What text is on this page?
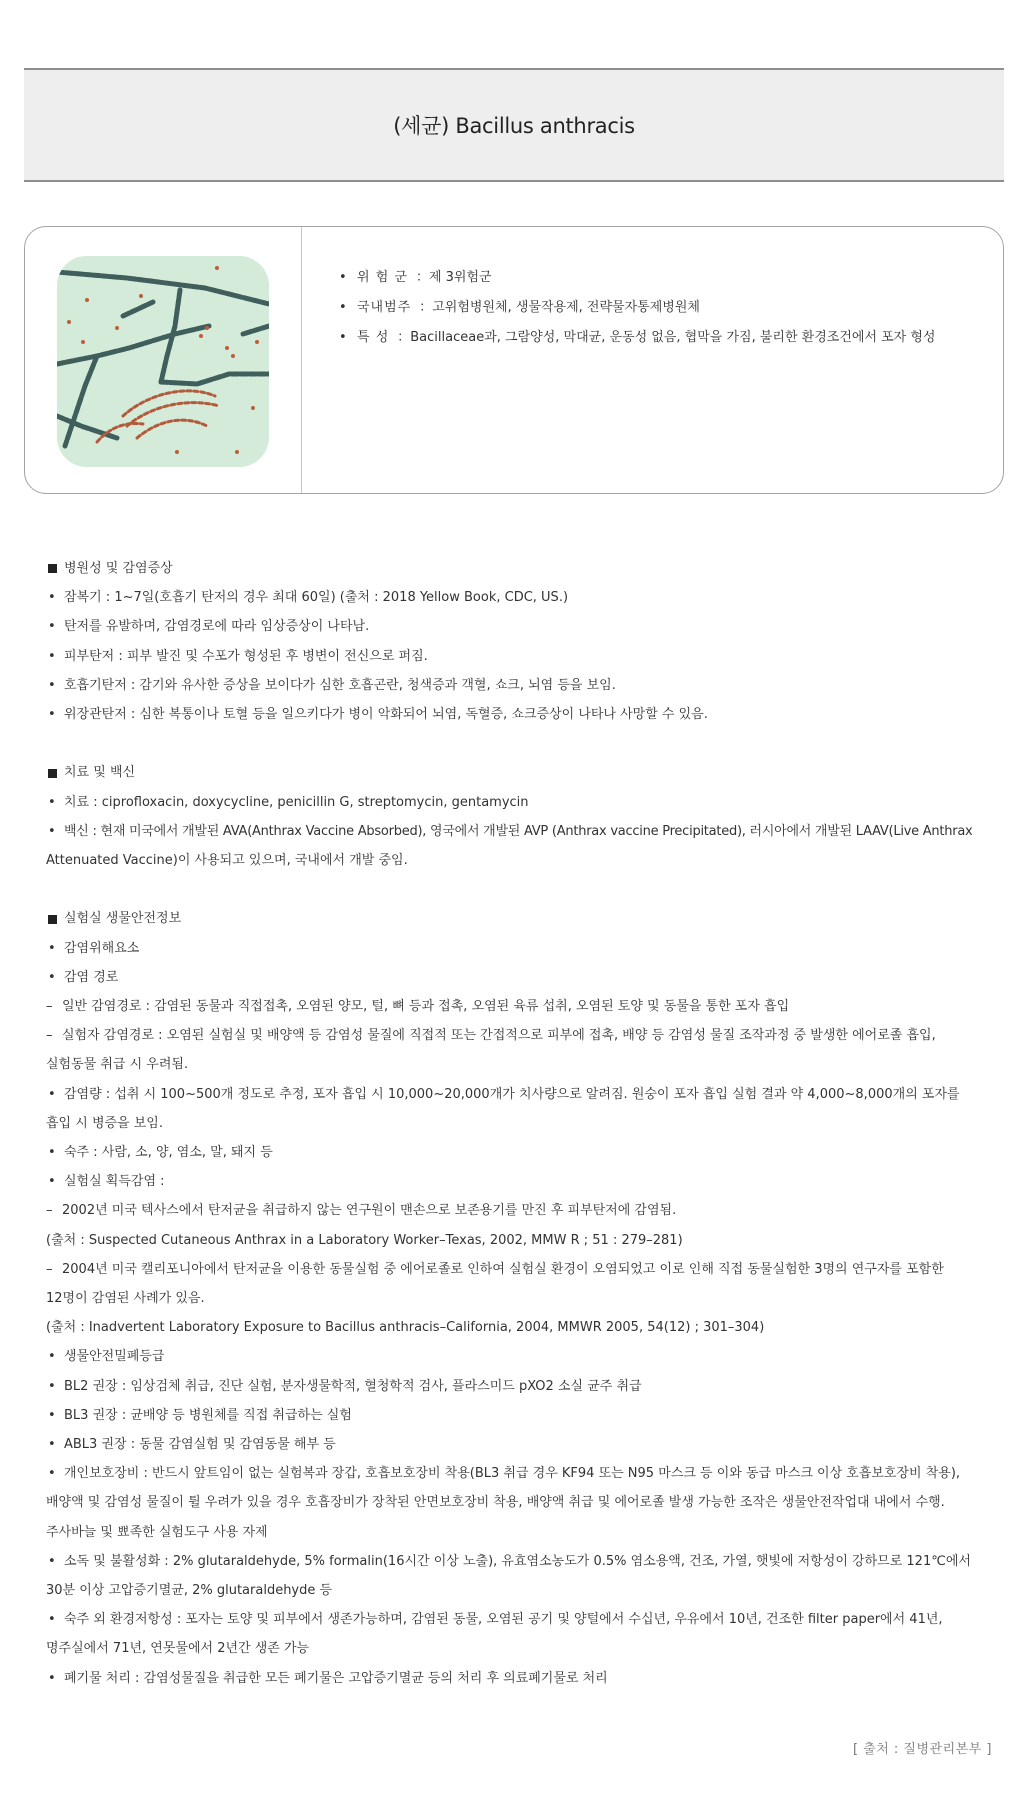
(세균) Bacillus anthracis
• 위 험 군 ：제 3위험군
• 국내범주 ：고위험병원체, 생물작용제, 전략물자통제병원체
• 특 성 ：Bacillaceae과, 그람양성, 막대균, 운동성 없음, 협막을 가짐, 불리한 환경조건에서 포자 형성
병원성 및 감염증상
• 잠복기 : 1~7일(호흡기 탄저의 경우 최대 60일) (출처 : 2018 Yellow Book, CDC, US.)
• 탄저를 유발하며, 감염경로에 따라 임상증상이 나타남.
• 피부탄저 : 피부 발진 및 수포가 형성된 후 병변이 전신으로 퍼짐.
• 호흡기탄저 : 감기와 유사한 증상을 보이다가 심한 호흡곤란, 청색증과 객혈, 쇼크, 뇌염 등을 보임.
• 위장관탄저 : 심한 복통이나 토혈 등을 일으키다가 병이 악화되어 뇌염, 독혈증, 쇼크증상이 나타나 사망할 수 있음.
치료 및 백신
• 치료 : ciprofloxacin, doxycycline, penicillin G, streptomycin, gentamycin
• 백신 : 현재 미국에서 개발된 AVA(Anthrax Vaccine Absorbed), 영국에서 개발된 AVP (Anthrax vaccine Precipitated), 러시아에서 개발된 LAAV(Live Anthrax
Attenuated Vaccine)이 사용되고 있으며, 국내에서 개발 중임.
실험실 생물안전정보
• 감염위해요소
• 감염 경로
– 일반 감염경로 : 감염된 동물과 직접접촉, 오염된 양모, 털, 뼈 등과 접촉, 오염된 육류 섭취, 오염된 토양 및 동물을 통한 포자 흡입
– 실험자 감염경로 : 오염된 실험실 및 배양액 등 감염성 물질에 직접적 또는 간접적으로 피부에 접촉, 배양 등 감염성 물질 조작과정 중 발생한 에어로졸 흡입,
실험동물 취급 시 우려됨.
• 감염량 : 섭취 시 100~500개 정도로 추정, 포자 흡입 시 10,000~20,000개가 치사량으로 알려짐. 원숭이 포자 흡입 실험 결과 약 4,000~8,000개의 포자를
흡입 시 병증을 보임.
• 숙주 : 사람, 소, 양, 염소, 말, 돼지 등
• 실험실 획득감염 :
– 2002년 미국 텍사스에서 탄저균을 취급하지 않는 연구원이 맨손으로 보존용기를 만진 후 피부탄저에 감염됨.
(출처 : Suspected Cutaneous Anthrax in a Laboratory Worker–Texas, 2002, MMW R ; 51 : 279–281)
– 2004년 미국 캘리포니아에서 탄저균을 이용한 동물실험 중 에어로졸로 인하여 실험실 환경이 오염되었고 이로 인해 직접 동물실험한 3명의 연구자를 포함한
12명이 감염된 사례가 있음.
(출처 : Inadvertent Laboratory Exposure to Bacillus anthracis–California, 2004, MMWR 2005, 54(12) ; 301–304)
• 생물안전밀폐등급
• BL2 권장 : 임상검체 취급, 진단 실험, 분자생물학적, 혈청학적 검사, 플라스미드 pXO2 소실 균주 취급
• BL3 권장 : 균배양 등 병원체를 직접 취급하는 실험
• ABL3 권장 : 동물 감염실험 및 감염동물 해부 등
• 개인보호장비 : 반드시 앞트임이 없는 실험복과 장갑, 호흡보호장비 착용(BL3 취급 경우 KF94 또는 N95 마스크 등 이와 동급 마스크 이상 호흡보호장비 착용),
배양액 및 감염성 물질이 튈 우려가 있을 경우 호흡장비가 장착된 안면보호장비 착용, 배양액 취급 및 에어로졸 발생 가능한 조작은 생물안전작업대 내에서 수행.
주사바늘 및 뾰족한 실험도구 사용 자제
• 소독 및 불활성화 : 2% glutaraldehyde, 5% formalin(16시간 이상 노출), 유효염소농도가 0.5% 염소용액, 건조, 가열, 햇빛에 저항성이 강하므로 121℃에서
30분 이상 고압증기멸균, 2% glutaraldehyde 등
• 숙주 외 환경저항성 : 포자는 토양 및 피부에서 생존가능하며, 감염된 동물, 오염된 공기 및 양털에서 수십년, 우유에서 10년, 건조한 filter paper에서 41년,
명주실에서 71년, 연못물에서 2년간 생존 가능
• 폐기물 처리 : 감염성물질을 취급한 모든 폐기물은 고압증기멸균 등의 처리 후 의료폐기물로 처리
[ 출처 : 질병관리본부 ]
